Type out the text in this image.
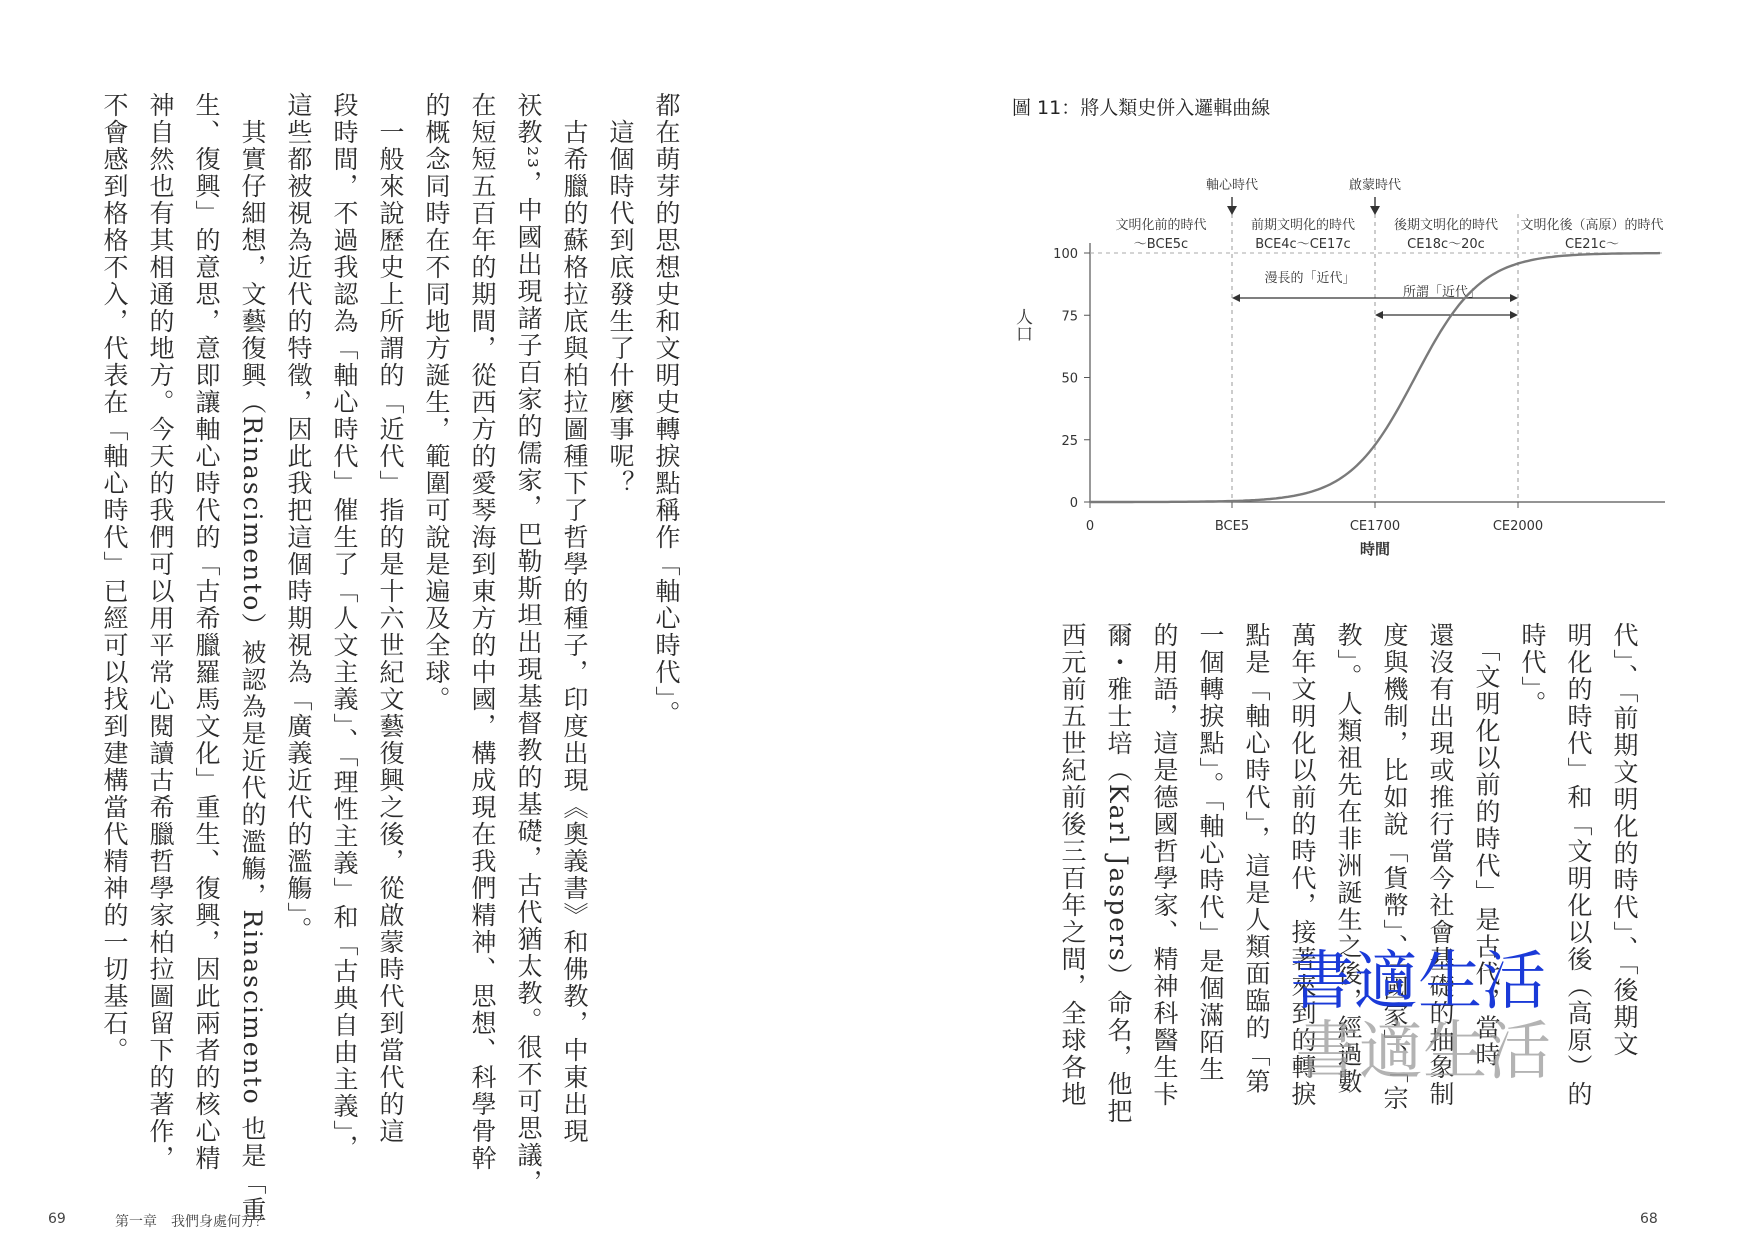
都在萌芽的思想史和文明史轉捩點稱作「軸心時代」。
　這個時代到底發生了什麼事呢？
　古希臘的蘇格拉底與柏拉圖種下了哲學的種子，印度出現《奧義書》和佛教，中東出現
祆教²³，中國出現諸子百家的儒家，巴勒斯坦出現基督教的基礎，古代猶太教。很不可思議，
在短短五百年的期間，從西方的愛琴海到東方的中國，構成現在我們精神、思想、科學骨幹
的概念同時在不同地方誕生，範圍可說是遍及全球。
　一般來說歷史上所謂的「近代」指的是十六世紀文藝復興之後，從啟蒙時代到當代的這
段時間，不過我認為「軸心時代」催生了「人文主義」、「理性主義」和「古典自由主義」，
這些都被視為近代的特徵，因此我把這個時期視為「廣義近代的濫觴」。
　其實仔細想，文藝復興（Rinascimento）被認為是近代的濫觴，Rinascimento 也是「重
生、復興」的意思，意即讓軸心時代的「古希臘羅馬文化」重生、復興，因此兩者的核心精
神自然也有其相通的地方。今天的我們可以用平常心閱讀古希臘哲學家柏拉圖留下的著作，
不會感到格格不入，代表在「軸心時代」已經可以找到建構當代精神的一切基石。
69	第一章　我們身處何方？
圖 11：將人類史併入邏輯曲線
0
25
50
75
100
0	BCE5	CE1700	CE2000
文明化前的時代
～BCE5c
前期文明化的時代
BCE4c～CE17c
後期文明化的時代
CE18c～20c
文明化後（高原）的時代
CE21c～
軸心時代	啟蒙時代
漫長的「近代」
所謂「近代」
人口
時間
代」、「前期文明化的時代」、「後期文
明化的時代」和「文明化以後（高原）的
時代」。
　「文明化以前的時代」是古代，當時
還沒有出現或推行當今社會基礎的抽象制
度與機制，比如說「貨幣」、「國家」、「宗
教」。人類祖先在非洲誕生之後，經過數
萬年文明化以前的時代，接著來到的轉捩
點是「軸心時代」，這是人類面臨的「第
一個轉捩點」。「軸心時代」是個滿陌生
的用語，這是德國哲學家、精神科醫生卡
爾・雅士培（Karl Jaspers）命名，他把
西元前五世紀前後三百年之間，全球各地	書適生活
書適生活
68
